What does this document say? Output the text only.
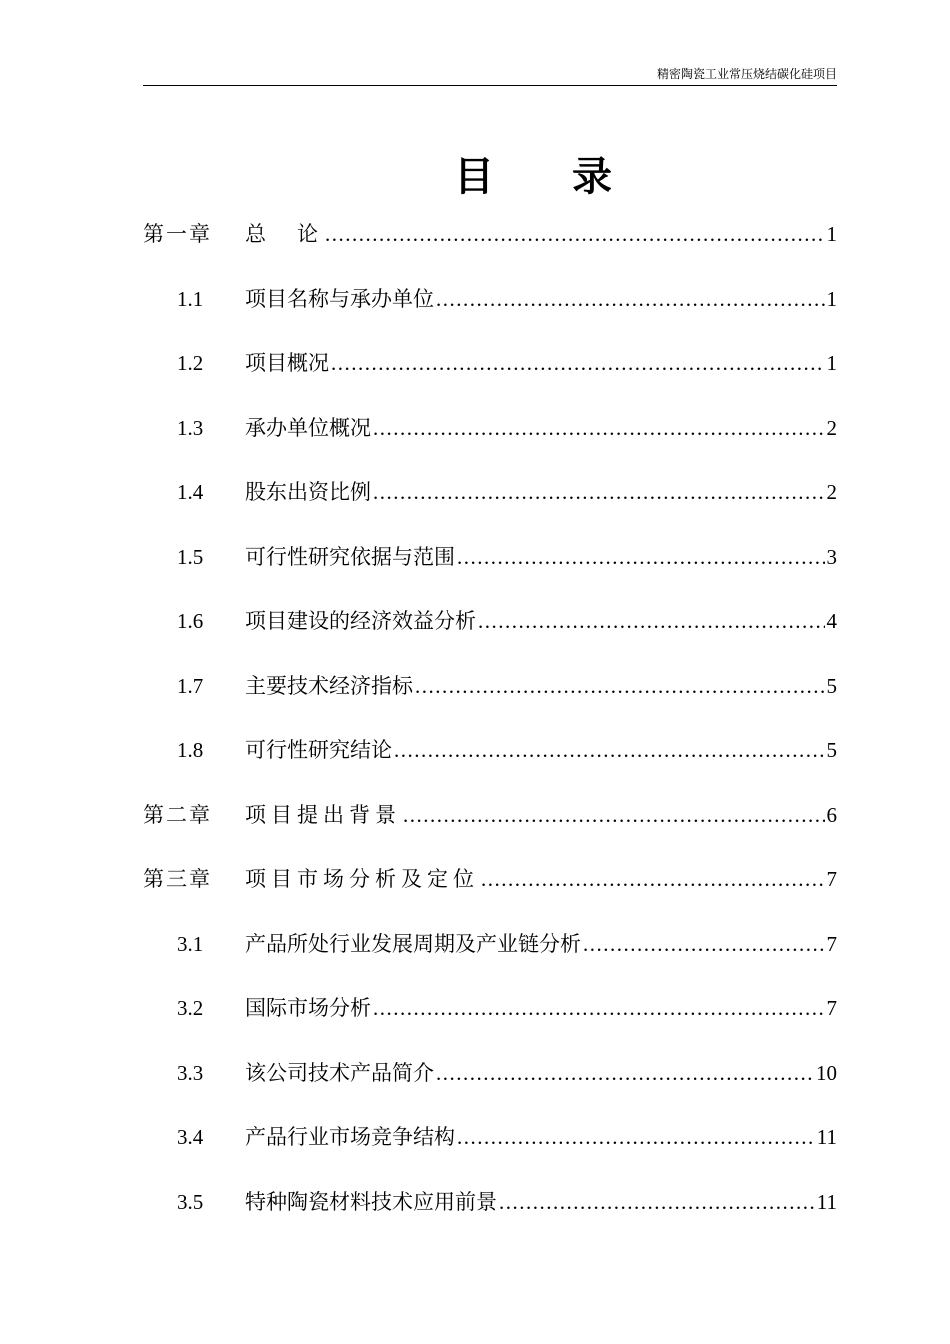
精密陶瓷工业常压烧结碳化硅项目
目 录
第一章	总　论 .....	1
1.1	项目名称与承办单位 .....	1
1.2	项目概况 .....	1
1.3	承办单位概况 .....	2
1.4	股东出资比例 .....	2
1.5	可行性研究依据与范围 .....	3
1.6	项目建设的经济效益分析 .....	4
1.7	主要技术经济指标 .....	5
1.8	可行性研究结论 .....	5
第二章	项目提出背景 .....	6
第三章	项目市场分析及定位 .....	7
3.1	产品所处行业发展周期及产业链分析 .....	7
3.2	国际市场分析 .....	7
3.3	该公司技术产品简介 .....	10
3.4	产品行业市场竞争结构 .....	11
3.5	特种陶瓷材料技术应用前景 .....	11
